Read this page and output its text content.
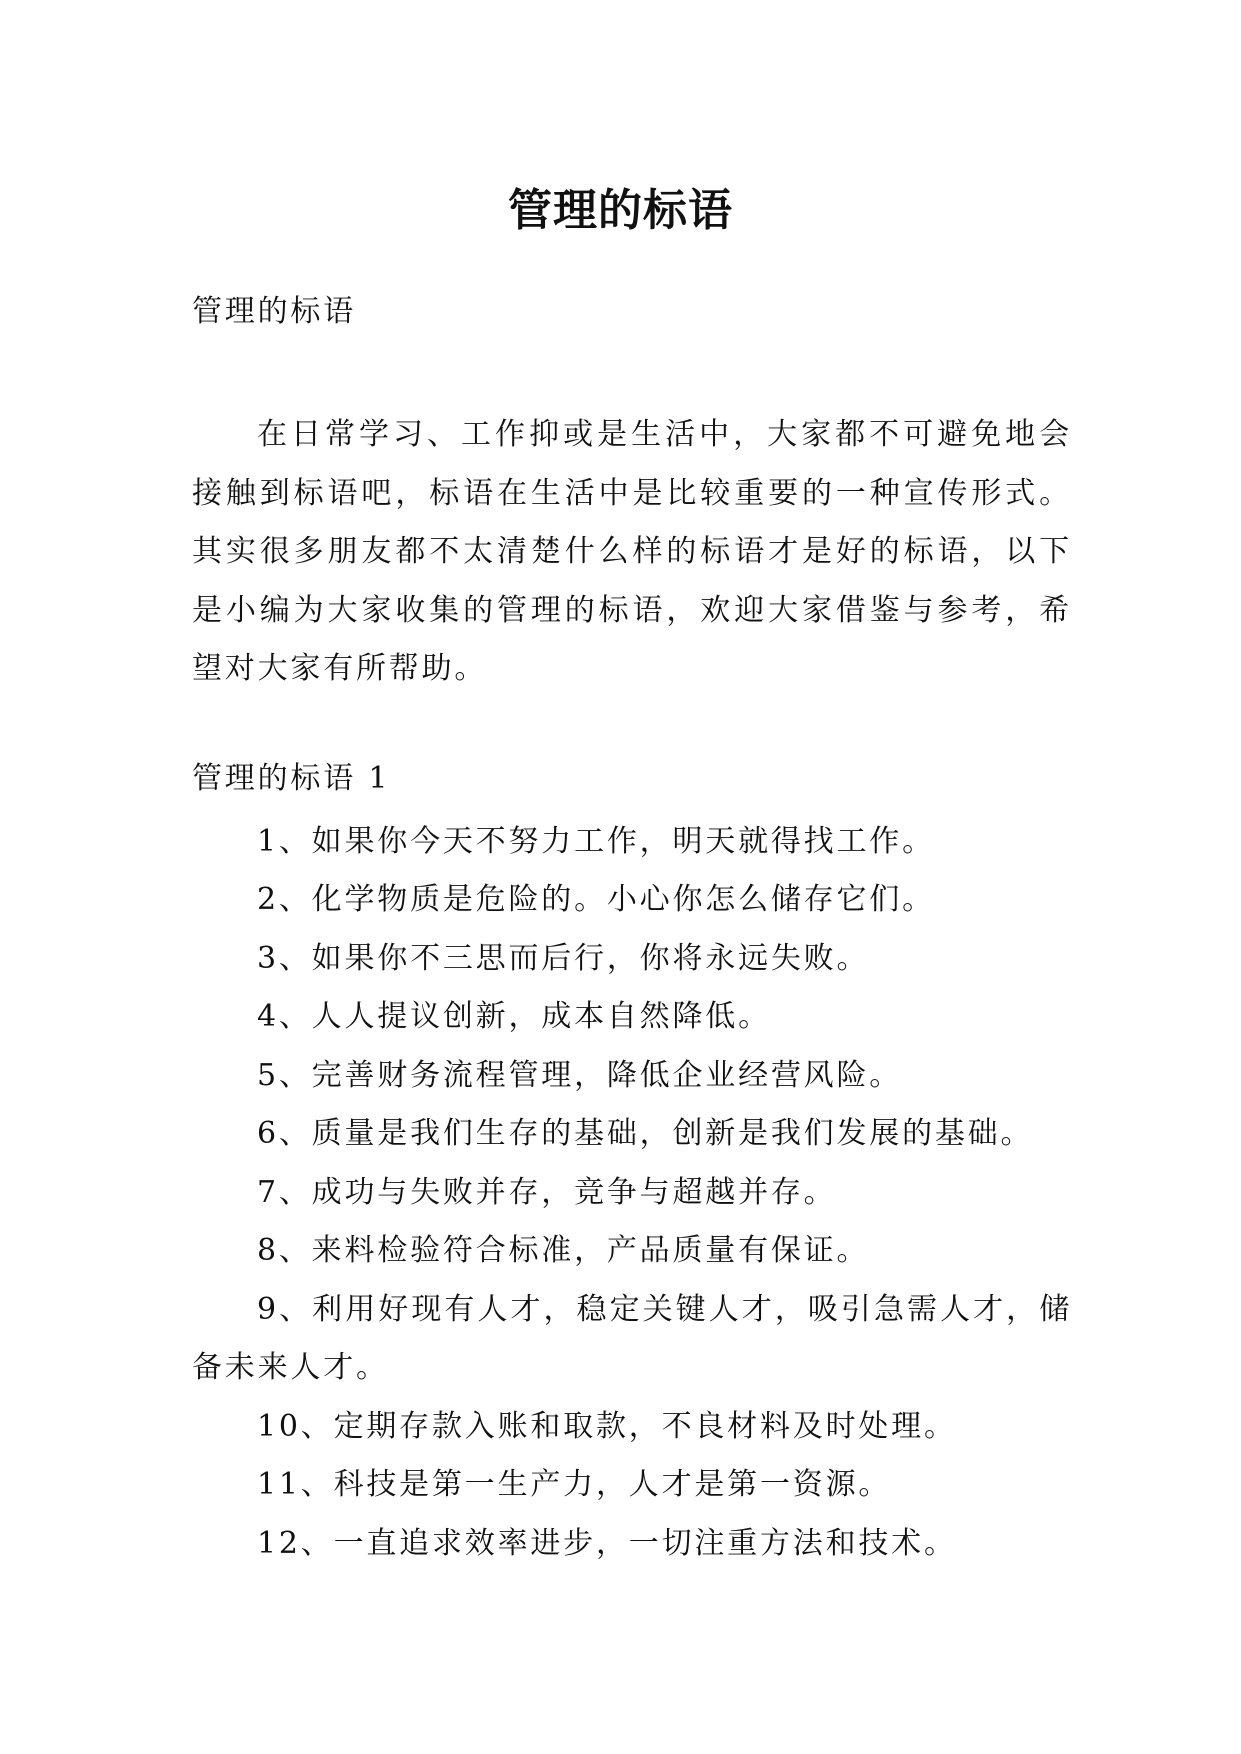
管理的标语

管理的标语

在日常学习、工作抑或是生活中，大家都不可避免地会接触到标语吧，标语在生活中是比较重要的一种宣传形式。其实很多朋友都不太清楚什么样的标语才是好的标语，以下是小编为大家收集的管理的标语，欢迎大家借鉴与参考，希望对大家有所帮助。

管理的标语 1

1、如果你今天不努力工作，明天就得找工作。
2、化学物质是危险的。小心你怎么储存它们。
3、如果你不三思而后行，你将永远失败。
4、人人提议创新，成本自然降低。
5、完善财务流程管理，降低企业经营风险。
6、质量是我们生存的基础，创新是我们发展的基础。
7、成功与失败并存，竞争与超越并存。
8、来料检验符合标准，产品质量有保证。
9、利用好现有人才，稳定关键人才，吸引急需人才，储备未来人才。
10、定期存款入账和取款，不良材料及时处理。
11、科技是第一生产力，人才是第一资源。
12、一直追求效率进步，一切注重方法和技术。
